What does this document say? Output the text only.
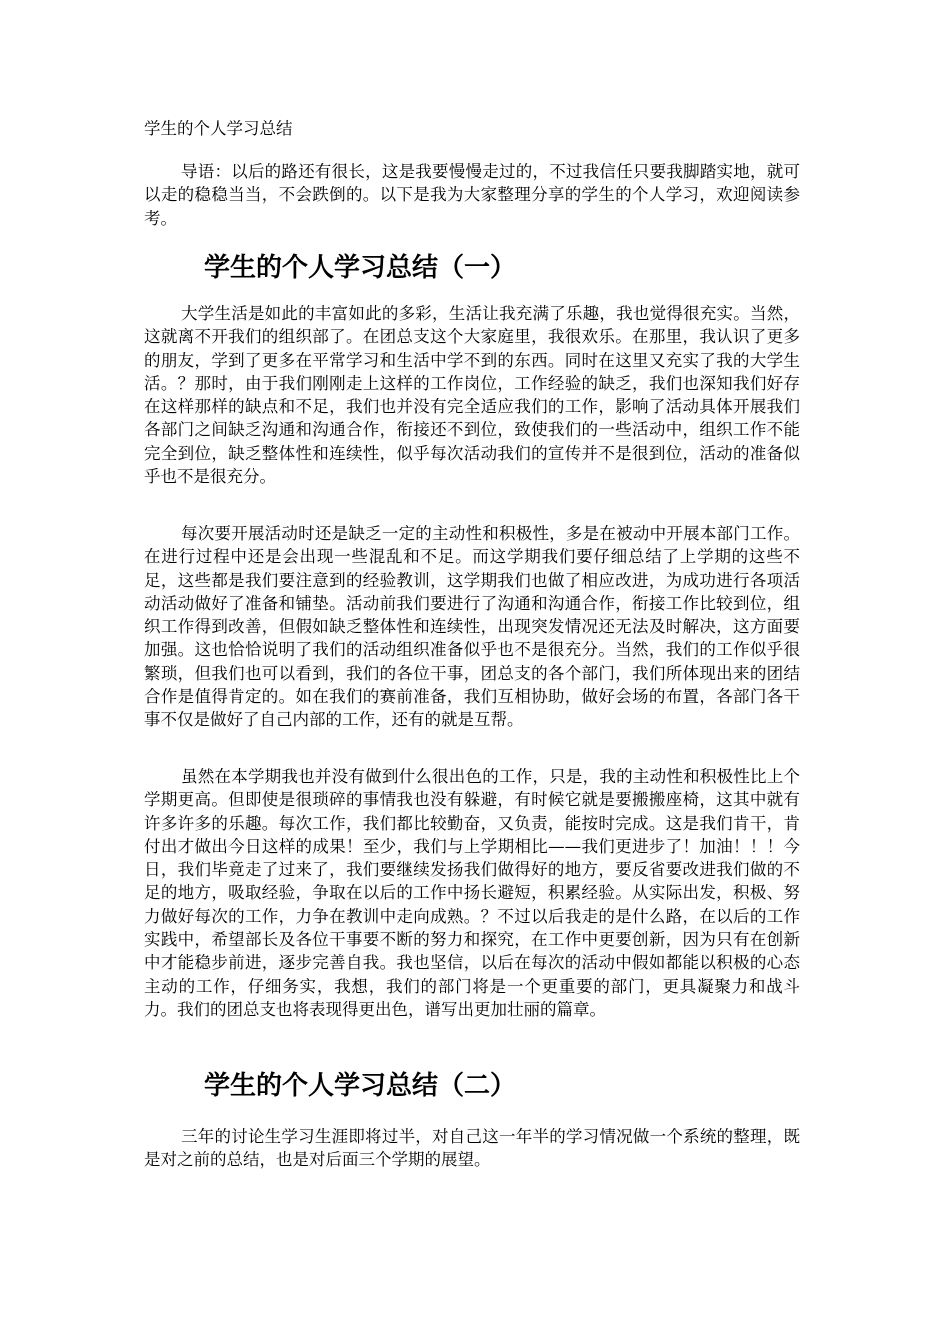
学生的个人学习总结

导语：以后的路还有很长，这是我要慢慢走过的，不过我信任只要我脚踏实地，就可以走的稳稳当当，不会跌倒的。以下是我为大家整理分享的学生的个人学习，欢迎阅读参考。

学生的个人学习总结（一）

大学生活是如此的丰富如此的多彩，生活让我充满了乐趣，我也觉得很充实。当然，这就离不开我们的组织部了。在团总支这个大家庭里，我很欢乐。在那里，我认识了更多的朋友，学到了更多在平常学习和生活中学不到的东西。同时在这里又充实了我的大学生活。？那时，由于我们刚刚走上这样的工作岗位，工作经验的缺乏，我们也深知我们好存在这样那样的缺点和不足，我们也并没有完全适应我们的工作，影响了活动具体开展我们各部门之间缺乏沟通和沟通合作，衔接还不到位，致使我们的一些活动中，组织工作不能完全到位，缺乏整体性和连续性，似乎每次活动我们的宣传并不是很到位，活动的准备似乎也不是很充分。

每次要开展活动时还是缺乏一定的主动性和积极性，多是在被动中开展本部门工作。在进行过程中还是会出现一些混乱和不足。而这学期我们要仔细总结了上学期的这些不足，这些都是我们要注意到的经验教训，这学期我们也做了相应改进，为成功进行各项活动活动做好了准备和铺垫。活动前我们要进行了沟通和沟通合作，衔接工作比较到位，组织工作得到改善，但假如缺乏整体性和连续性，出现突发情况还无法及时解决，这方面要加强。这也恰恰说明了我们的活动组织准备似乎也不是很充分。当然，我们的工作似乎很繁琐，但我们也可以看到，我们的各位干事，团总支的各个部门，我们所体现出来的团结合作是值得肯定的。如在我们的赛前准备，我们互相协助，做好会场的布置，各部门各干事不仅是做好了自己内部的工作，还有的就是互帮。

虽然在本学期我也并没有做到什么很出色的工作，只是，我的主动性和积极性比上个学期更高。但即使是很琐碎的事情我也没有躲避，有时候它就是要搬搬座椅，这其中就有许多许多的乐趣。每次工作，我们都比较勤奋，又负责，能按时完成。这是我们肯干，肯付出才做出今日这样的成果！至少，我们与上学期相比——我们更进步了！加油！！！今日，我们毕竟走了过来了，我们要继续发扬我们做得好的地方，要反省要改进我们做的不足的地方，吸取经验，争取在以后的工作中扬长避短，积累经验。从实际出发，积极、努力做好每次的工作，力争在教训中走向成熟。？不过以后我走的是什么路，在以后的工作实践中，希望部长及各位干事要不断的努力和探究，在工作中更要创新，因为只有在创新中才能稳步前进，逐步完善自我。我也坚信，以后在每次的活动中假如都能以积极的心态主动的工作，仔细务实，我想，我们的部门将是一个更重要的部门，更具凝聚力和战斗力。我们的团总支也将表现得更出色，谱写出更加壮丽的篇章。

学生的个人学习总结（二）

三年的讨论生学习生涯即将过半，对自己这一年半的学习情况做一个系统的整理，既是对之前的总结，也是对后面三个学期的展望。
